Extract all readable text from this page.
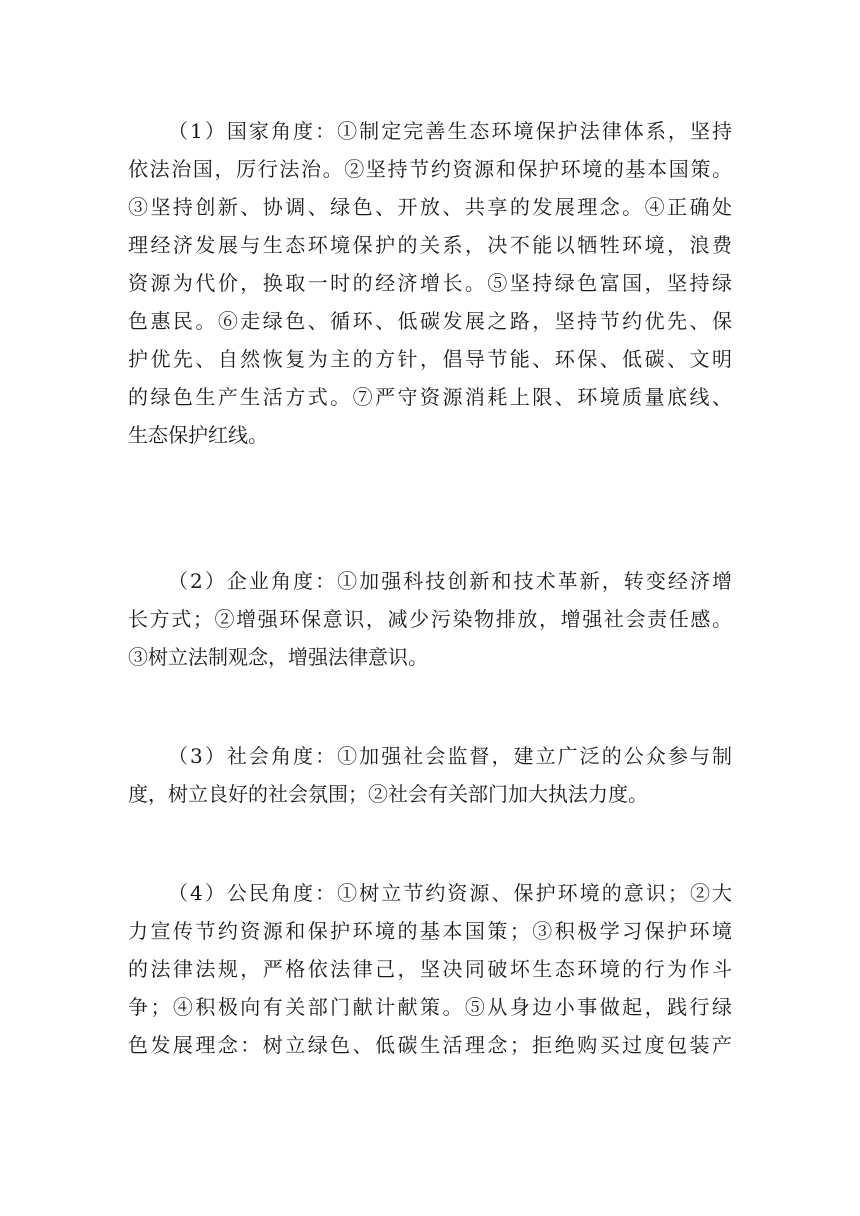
（1）国家角度：①制定完善生态环境保护法律体系，坚持
依法治国，厉行法治。②坚持节约资源和保护环境的基本国策。
③坚持创新、协调、绿色、开放、共享的发展理念。④正确处
理经济发展与生态环境保护的关系，决不能以牺牲环境，浪费
资源为代价，换取一时的经济增长。⑤坚持绿色富国，坚持绿
色惠民。⑥走绿色、循环、低碳发展之路，坚持节约优先、保
护优先、自然恢复为主的方针，倡导节能、环保、低碳、文明
的绿色生产生活方式。⑦严守资源消耗上限、环境质量底线、
生态保护红线。
（2）企业角度：①加强科技创新和技术革新，转变经济增
长方式；②增强环保意识，减少污染物排放，增强社会责任感。
③树立法制观念，增强法律意识。
（3）社会角度：①加强社会监督，建立广泛的公众参与制
度，树立良好的社会氛围；②社会有关部门加大执法力度。
（4）公民角度：①树立节约资源、保护环境的意识；②大
力宣传节约资源和保护环境的基本国策；③积极学习保护环境
的法律法规，严格依法律己，坚决同破坏生态环境的行为作斗
争；④积极向有关部门献计献策。⑤从身边小事做起，践行绿
色发展理念：树立绿色、低碳生活理念；拒绝购买过度包装产
